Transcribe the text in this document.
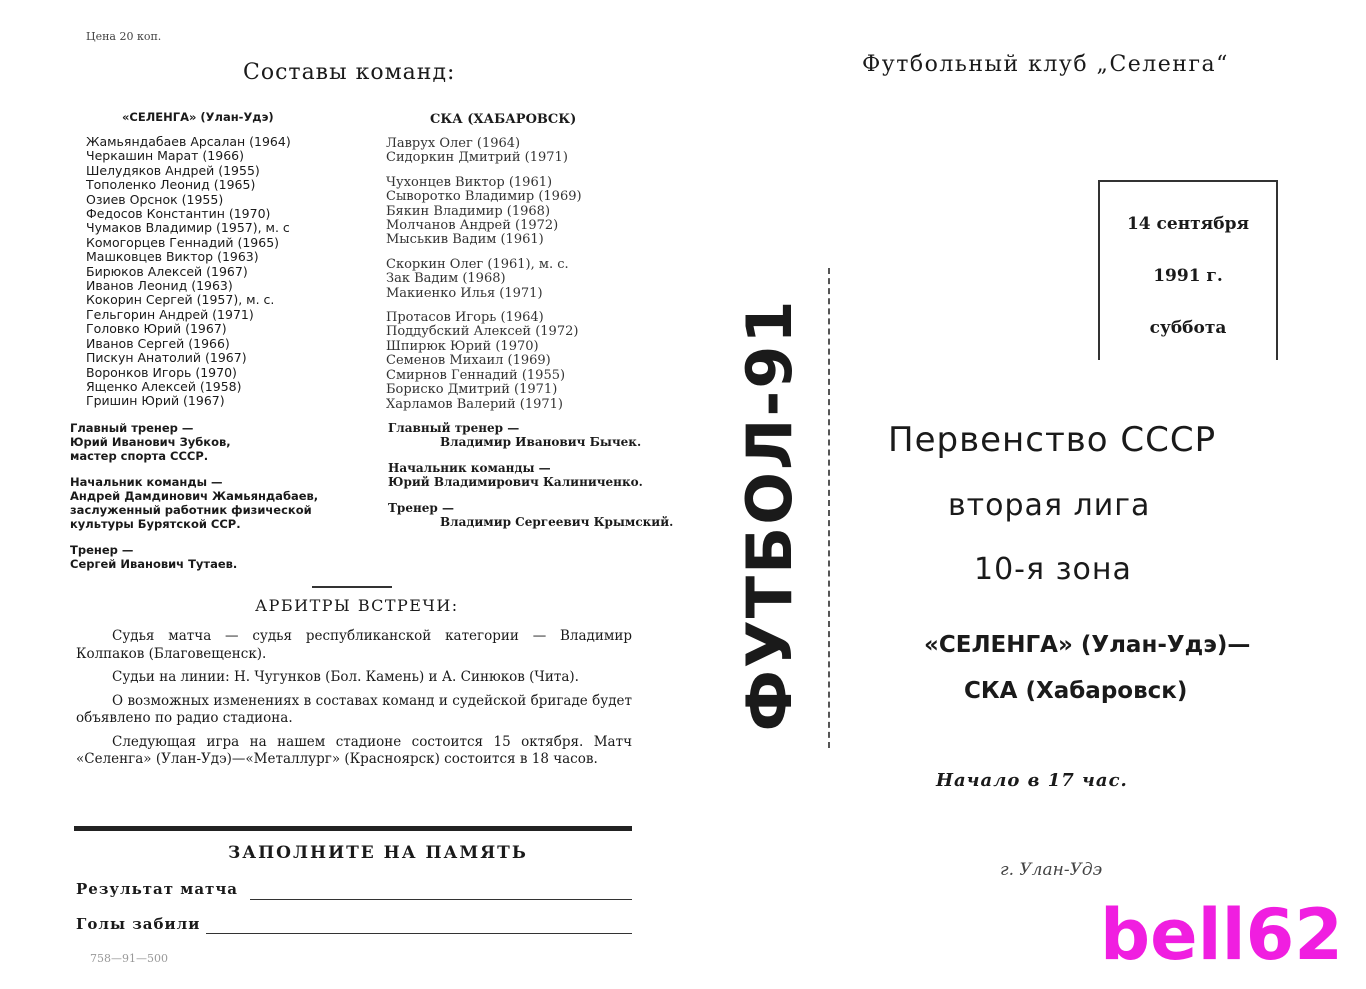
Цена 20 коп.
Составы команд:
«СЕЛЕНГА» (Улан-Удэ)
Жамьяндабаев Арсалан (1964)
Черкашин Марат (1966)
Шелудяков Андрей (1955)
Тополенко Леонид (1965)
Озиев Орснок (1955)
Федосов Константин (1970)
Чумаков Владимир (1957), м. с
Комогорцев Геннадий (1965)
Машковцев Виктор (1963)
Бирюков Алексей (1967)
Иванов Леонид (1963)
Кокорин Сергей (1957), м. с.
Гельгорин Андрей (1971)
Головко Юрий (1967)
Иванов Сергей (1966)
Пискун Анатолий (1967)
Воронков Игорь (1970)
Ященко Алексей (1958)
Гришин Юрий (1967)

Главный тренер —
Юрий Иванович Зубков,
мастер спорта СССР.

Начальник команды —
Андрей Дамдинович Жамьяндабаев,
заслуженный работник физической
культуры Бурятской ССР.

Тренер —
Сергей Иванович Тутаев.

СКА (ХАБАРОВСК)
Лаврух Олег (1964)
Сидоркин Дмитрий (1971)
Чухонцев Виктор (1961)
Сыворотко Владимир (1969)
Бякин Владимир (1968)
Молчанов Андрей (1972)
Мыськив Вадим (1961)
Скоркин Олег (1961), м. с.
Зак Вадим (1968)
Макиенко Илья (1971)
Протасов Игорь (1964)
Поддубский Алексей (1972)
Шпирюк Юрий (1970)
Семенов Михаил (1969)
Смирнов Геннадий (1955)
Бориско Дмитрий (1971)
Харламов Валерий (1971)

Главный тренер —
Владимир Иванович Бычек.

Начальник команды —
Юрий Владимирович Калиниченко.

Тренер —
Владимир Сергеевич Крымский.

АРБИТРЫ ВСТРЕЧИ:

Судья матча — судья республиканской категории — Владимир Колпаков (Благовещенск).

Судьи на линии: Н. Чугунков (Бол. Камень) и А. Синюков (Чита).

О возможных изменениях в составах команд и судейской бригаде будет объявлено по радио стадиона.

Следующая игра на нашем стадионе состоится 15 октября. Матч «Селенга» (Улан-Удэ)—«Металлург» (Красноярск) состоится в 18 часов.

ЗАПОЛНИТЕ НА ПАМЯТЬ
Результат матча
Голы забили
758—91—500
ФУТБОЛ-91
Футбольный клуб „Селенга“
14 сентября
1991 г.
суббота
Первенство СССР
вторая лига
10-я зона
«СЕЛЕНГА» (Улан-Удэ)—
СКА (Хабаровск)
Начало в 17 час.
г. Улан-Удэ
bell62
